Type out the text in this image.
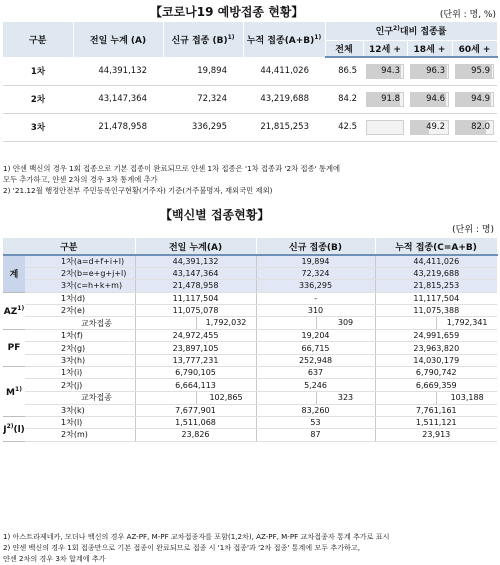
【코로나19 예방접종 현황】	(단위 : 명, %)
구분	전일 누계 (A)	신규 접종 $(B)^{1)}$	누적 접종$(A+B)^{1)}$	인구$^{2)}$대비 접종률			
				전체	12세 +	18세 +	60세 +
1차	44,391,132	19,894	44,411,026	86.5	94.3	96.3	95.9

2차	43,147,364	72,324	43,219,688	84.2	91.8	94.6	94.9

3차	21,478,958	336,295	21,815,253	42.5		49.2	82.0
1) 얀센 백신의 경우 1회 접종으로 기본 접종이 완료되므로 얀센 1차 접종은 '1차 접종과 '2차 접종' 통계에
모두 추가하고, 얀센 2차의 경우 3차 통계에 추가
2) '21.12월 행정안전부 주민등록인구현황(거주자) 기준(거주불명자, 재외국민 제외)
【백신별 접종현황】
(단위 : 명)
구분		전일 누계(A)	신규 접종(B)	누적 접종(C=A+B)
계	1차(a=d+f+i+l)	44,391,132	19,894	44,411,026

	2차(b=e+g+j+l)	43,147,364	72,324	43,219,688

	3차(c=h+k+m)	21,478,958	336,295	21,815,253

AZ$^{1)}$	1차(d)	11,117,504	-	11,117,504

	2차(e)	11,075,078	310	11,075,388

	교차접종	1,792,032	309	1,792,341

PF	1차(f)	24,972,455	19,204	24,991,659

	2차(g)	23,897,105	66,715	23,963,820

	3차(h)	13,777,231	252,948	14,030,179

$M^{1)}$	1차(i)	6,790,105	637	6,790,742

	2차(j)	6,664,113	5,246	6,669,359

	교차접종	102,865	323	103,188

	3차(k)	7,677,901	83,260	7,761,161

$J^{2)}(l)$	1차(l)	1,511,068	53	1,511,121

	2차(m)	23,826	87	23,913
1) 아스트라제네카, 모더나 백신의 경우 AZ-PF, M-PF 교차접종자를 포함(1,2차), AZ-PF, M-PF 교차접종자 통계 추가로 표시
2) 얀센 백신의 경우 1회 접종만으로 기본 접종이 완료되므로 접종 시 '1차 접종'과 '2차 접종' 통계에 모두 추가하고,
얀센 2차의 경우 3차 합계에 추가
